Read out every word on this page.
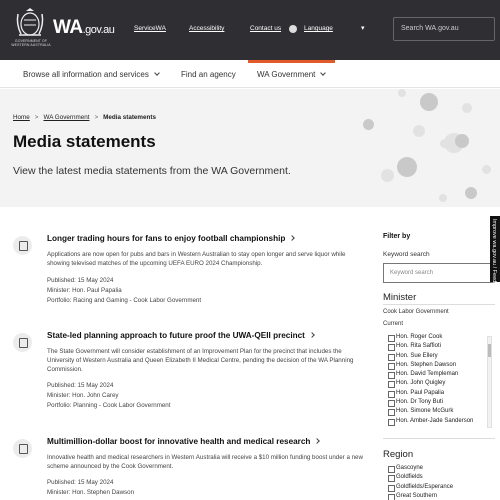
GOVERNMENT OF WESTERN AUSTRALIA
WA.gov.au	ServiceWA	Accessibility	Contact us	Language	▾	Search WA.gov.au
Browse all information and services	Find an agency	WA Government
Home > WA Government > Media statements
Media statements

View the latest media statements from the WA Government.

Longer trading hours for fans to enjoy football championship
Applications are now open for pubs and bars in Western Australian to stay open longer and serve liquor while showing televised matches of the upcoming UEFA EURO 2024 Championship.
Published: 15 May 2024
Minister: Hon. Paul Papalia
Portfolio: Racing and Gaming - Cook Labor Government
State-led planning approach to future proof the UWA-QEII precinct
The State Government will consider establishment of an Improvement Plan for the precinct that includes the University of Western Australia and Queen Elizabeth II Medical Centre, pending the decision of the WA Planning Commission.
Published: 15 May 2024
Minister: Hon. John Carey
Portfolio: Planning - Cook Labor Government
Multimillion-dollar boost for innovative health and medical research
Innovative health and medical researchers in Western Australia will receive a $10 million funding boost under a new scheme announced by the Cook Government.
Published: 15 May 2024
Minister: Hon. Stephen Dawson
Filter by
Keyword search
Keyword search
Minister
Cook Labor Government
Current
Hon. Roger Cook
Hon. Rita Saffioti
Hon. Sue Ellery
Hon. Stephen Dawson
Hon. David Templeman
Hon. John Quigley
Hon. Paul Papalia
Hon. Dr Tony Buti
Hon. Simone McGurk
Hon. Amber-Jade Sanderson
Region
Gascoyne
Goldfields
Goldfields/Esperance
Great Southern
Improve wa.gov.au / Feedback
